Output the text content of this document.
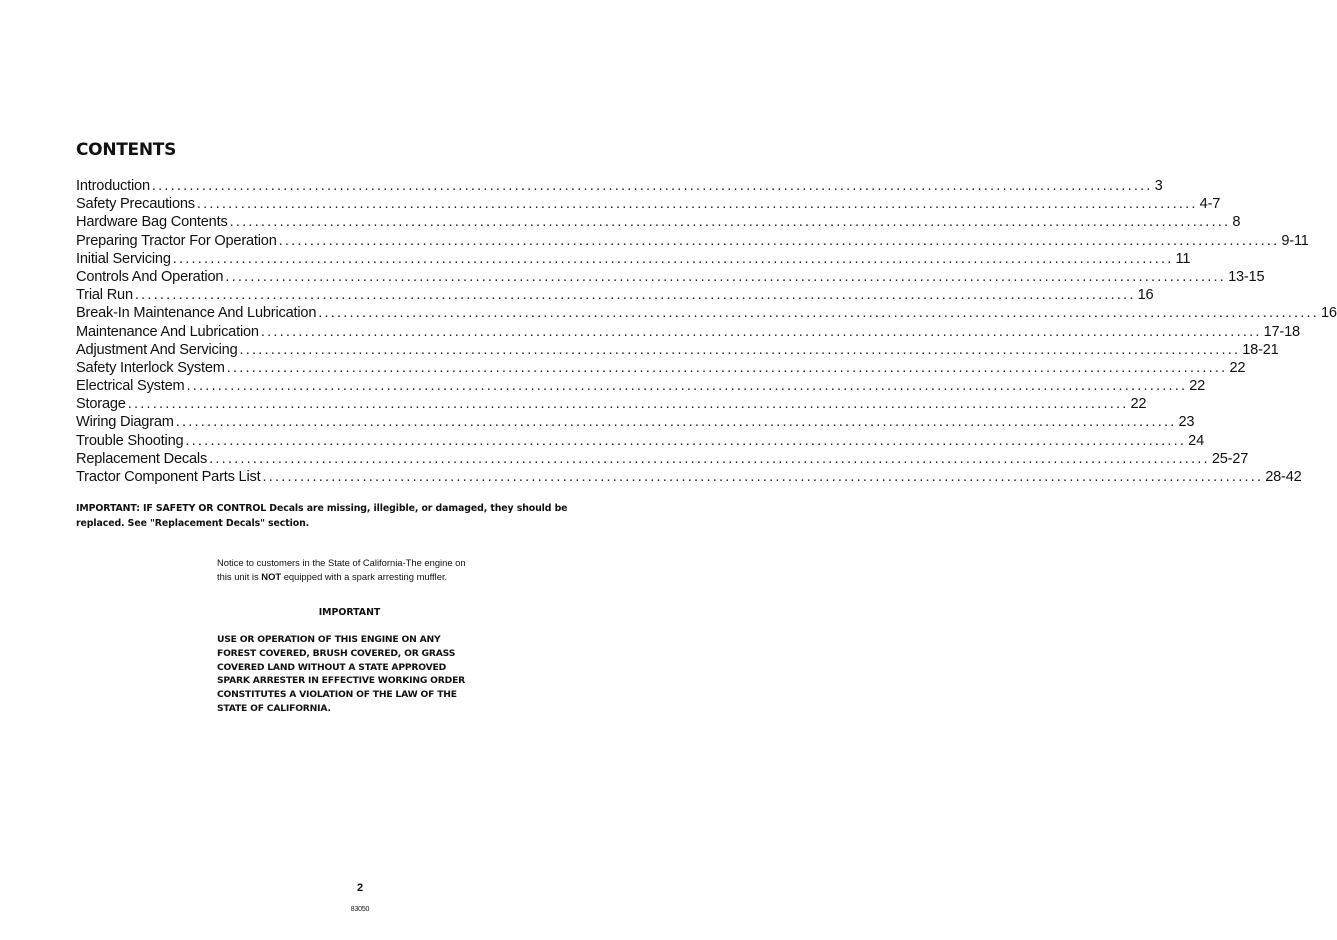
CONTENTS
Introduction ................................................................................................................................................................ 3
Safety Precautions ................................................................................................................................................................ 4-7
Hardware Bag Contents ................................................................................................................................................................ 8
Preparing Tractor For Operation ................................................................................................................................................................ 9-11
Initial Servicing ................................................................................................................................................................ 11
Controls And Operation ................................................................................................................................................................ 13-15
Trial Run ................................................................................................................................................................ 16
Break-In Maintenance And Lubrication ................................................................................................................................................................ 16
Maintenance And Lubrication ................................................................................................................................................................ 17-18
Adjustment And Servicing ................................................................................................................................................................ 18-21
Safety Interlock System ................................................................................................................................................................ 22
Electrical System ................................................................................................................................................................ 22
Storage ................................................................................................................................................................ 22
Wiring Diagram ................................................................................................................................................................ 23
Trouble Shooting ................................................................................................................................................................ 24
Replacement Decals ................................................................................................................................................................ 25-27
Tractor Component Parts List ................................................................................................................................................................ 28-42
IMPORTANT: IF SAFETY OR CONTROL Decals are missing, illegible, or damaged, they should be replaced. See "Replacement Decals" section.
Notice to customers in the State of California-The engine on this unit is NOT equipped with a spark arresting muffler.
IMPORTANT
USE OR OPERATION OF THIS ENGINE ON ANY FOREST COVERED, BRUSH COVERED, OR GRASS COVERED LAND WITHOUT A STATE APPROVED SPARK ARRESTER IN EFFECTIVE WORKING ORDER CONSTITUTES A VIOLATION OF THE LAW OF THE STATE OF CALIFORNIA.
2
83050
